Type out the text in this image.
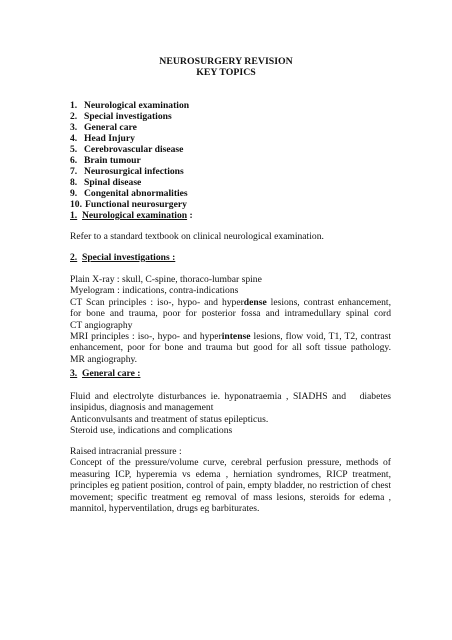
NEUROSURGERY REVISION
KEY TOPICS
1. Neurological examination
2. Special investigations
3. General care
4. Head Injury
5. Cerebrovascular disease
6. Brain tumour
7. Neurosurgical infections
8. Spinal disease
9. Congenital abnormalities
10. Functional neurosurgery
1. Neurological examination :
Refer to a standard textbook on clinical neurological examination.
2. Special investigations :
Plain X-ray : skull, C-spine, thoraco-lumbar spine
Myelogram : indications, contra-indications
CT Scan principles : iso-, hypo- and hyperdense lesions, contrast enhancement,
for bone and trauma, poor for posterior fossa and intramedullary spinal cord
CT angiography
MRI principles : iso-, hypo- and hyperintense lesions, flow void, T1, T2, contrast
enhancement, poor for bone and trauma but good for all soft tissue pathology.
MR angiography.
3. General care :
Fluid and electrolyte disturbances ie. hyponatraemia , SIADHS and   diabetes
insipidus, diagnosis and management
Anticonvulsants and treatment of status epilepticus.
Steroid use, indications and complications
Raised intracranial pressure :
Concept of the pressure/volume curve, cerebral perfusion pressure, methods of
measuring ICP, hyperemia vs edema , herniation syndromes, RICP treatment,
principles eg patient position, control of pain, empty bladder, no restriction of chest
movement; specific treatment eg removal of mass lesions, steroids for edema ,
mannitol, hyperventilation, drugs eg barbiturates.
